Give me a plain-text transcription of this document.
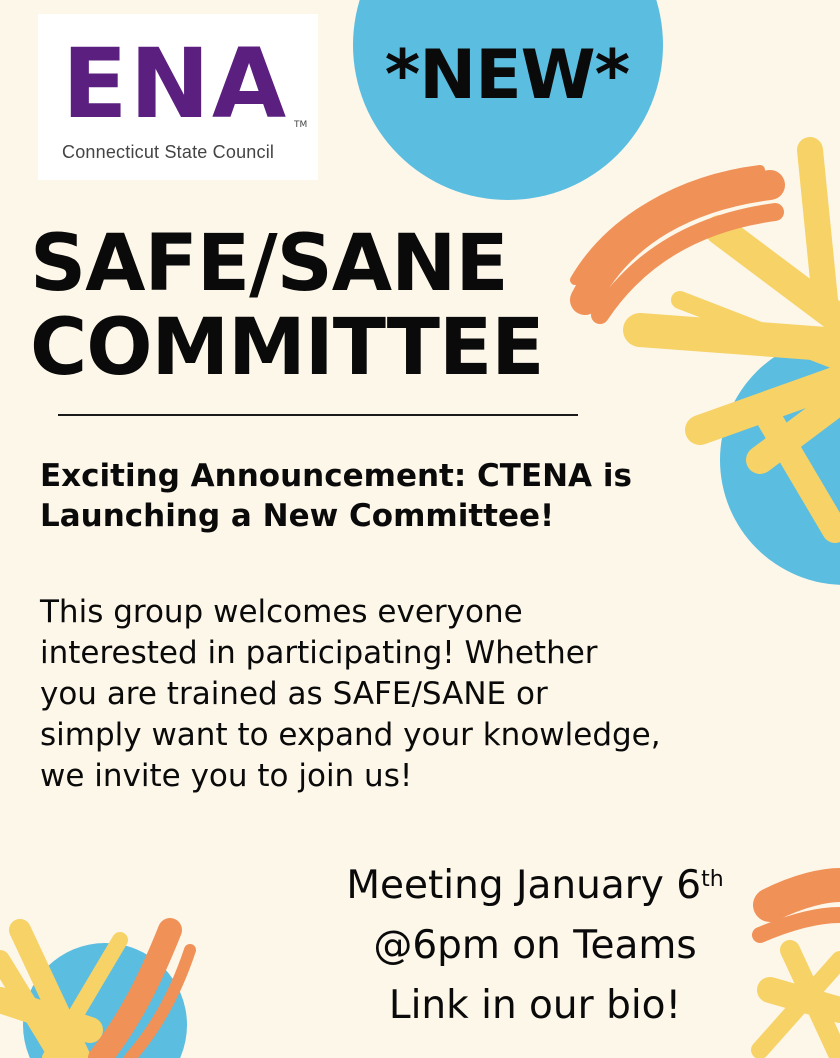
ENA TM
Connecticut State Council
*NEW*
SAFE/SANE
COMMITTEE
Exciting Announcement: CTENA is
Launching a New Committee!
This group welcomes everyone
interested in participating! Whether
you are trained as SAFE/SANE or
simply want to expand your knowledge,
we invite you to join us!
Meeting January 6th
@6pm on Teams
Link in our bio!
